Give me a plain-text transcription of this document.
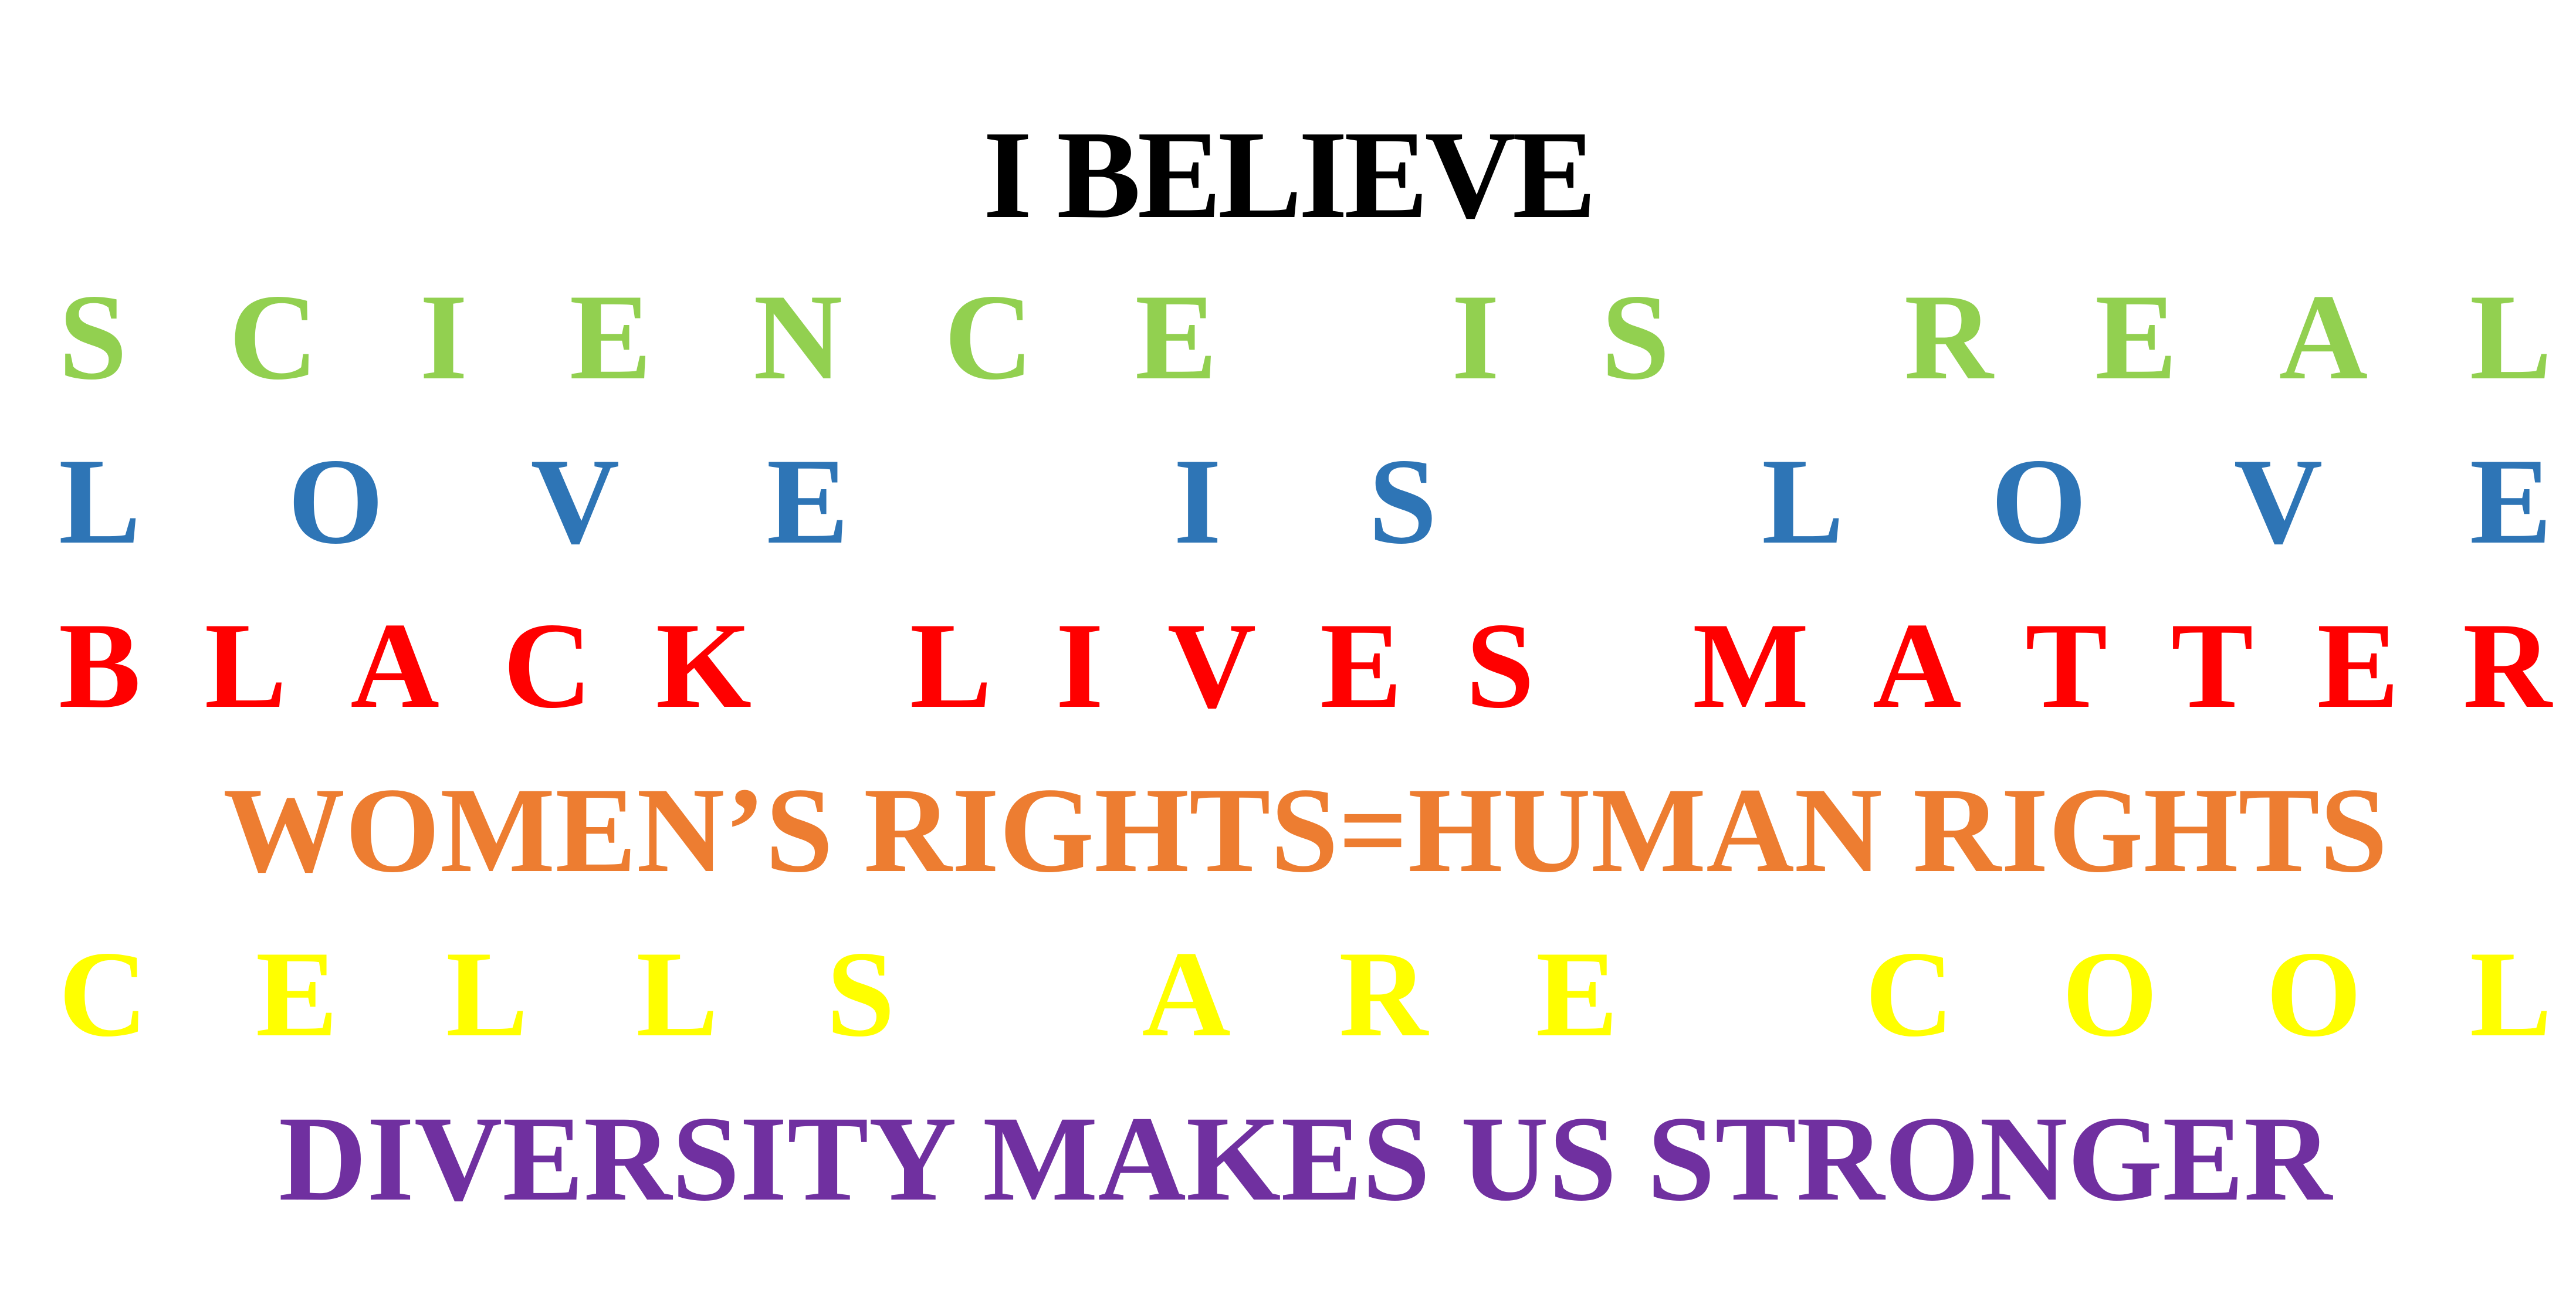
I BELIEVE
S C I E N C E
I S
R E A L
L O V E
	I S
	L O V E
B L A C K
L I V E S
M A T T E R
WOMEN’S RIGHTS=HUMAN RIGHTS
C E L L S
A R E
C O O L
DIVERSITY MAKES US STRONGER
